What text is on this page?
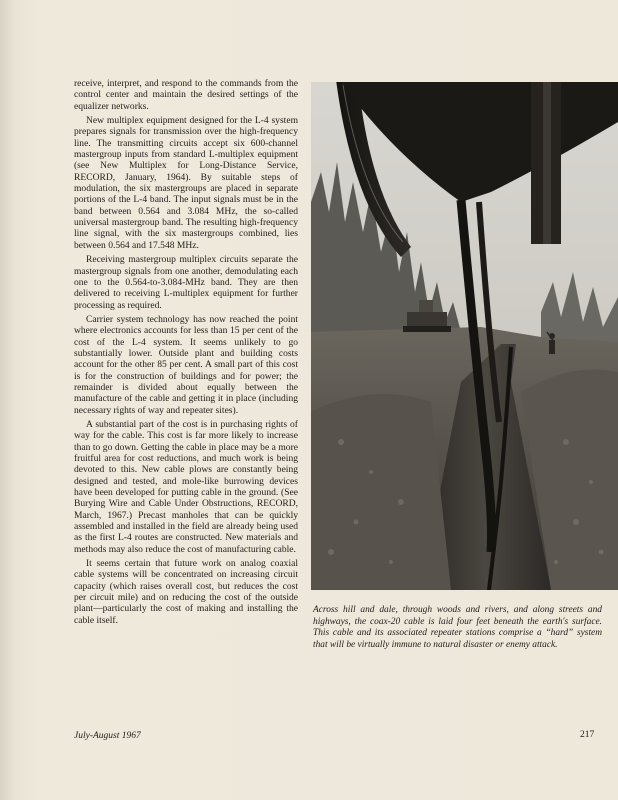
receive, interpret, and respond to the commands from the control center and maintain the desired settings of the equalizer networks.

New multiplex equipment designed for the L-4 system prepares signals for transmission over the high-frequency line. The transmitting circuits accept six 600-channel mastergroup inputs from standard L-multiplex equipment (see New Multiplex for Long-Distance Service, RECORD, January, 1964). By suitable steps of modulation, the six mastergroups are placed in separate portions of the L-4 band. The input signals must be in the band between 0.564 and 3.084 MHz, the so-called universal mastergroup band. The resulting high-frequency line signal, with the six mastergroups combined, lies between 0.564 and 17.548 MHz.

Receiving mastergroup multiplex circuits separate the mastergroup signals from one another, demodulating each one to the 0.564-to-3.084-MHz band. They are then delivered to receiving L-multiplex equipment for further processing as required.

Carrier system technology has now reached the point where electronics accounts for less than 15 per cent of the cost of the L-4 system. It seems unlikely to go substantially lower. Outside plant and building costs account for the other 85 per cent. A small part of this cost is for the construction of buildings and for power; the remainder is divided about equally between the manufacture of the cable and getting it in place (including necessary rights of way and repeater sites).

A substantial part of the cost is in purchasing rights of way for the cable. This cost is far more likely to increase than to go down. Getting the cable in place may be a more fruitful area for cost reductions, and much work is being devoted to this. New cable plows are constantly being designed and tested, and mole-like burrowing devices have been developed for putting cable in the ground. (See Burying Wire and Cable Under Obstructions, RECORD, March, 1967.) Precast manholes that can be quickly assembled and installed in the field are already being used as the first L-4 routes are constructed. New materials and methods may also reduce the cost of manufacturing cable.

It seems certain that future work on analog coaxial cable systems will be concentrated on increasing circuit capacity (which raises overall cost, but reduces the cost per circuit mile) and on reducing the cost of the outside plant—particularly the cost of making and installing the cable itself.

Across hill and dale, through woods and rivers, and along streets and highways, the coax-20 cable is laid four feet beneath the earth's surface. This cable and its associated repeater stations comprise a “hard” system that will be virtually immune to natural disaster or enemy attack.
July-August 1967	217
